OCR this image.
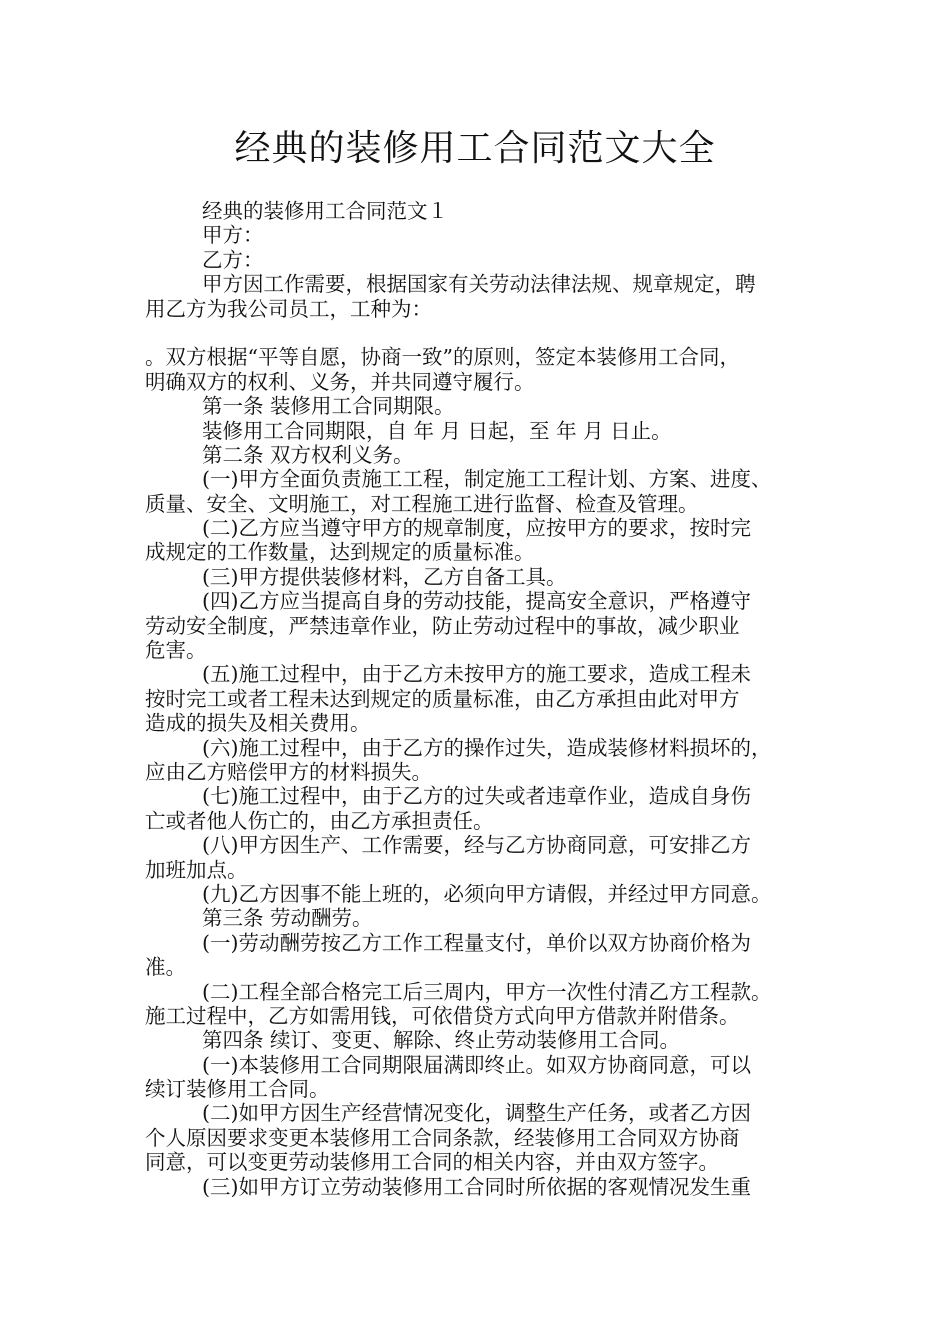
经典的装修用工合同范文大全
经典的装修用工合同范文１
甲方：
乙方：
甲方因工作需要，根据国家有关劳动法律法规、规章规定，聘
用乙方为我公司员工，工种为：
。双方根据“平等自愿，协商一致”的原则，签定本装修用工合同，
明确双方的权利、义务，并共同遵守履行。
第一条 装修用工合同期限。
装修用工合同期限，自 年 月 日起，至 年 月 日止。
第二条 双方权利义务。
(一)甲方全面负责施工工程，制定施工工程计划、方案、进度、
质量、安全、文明施工，对工程施工进行监督、检查及管理。
(二)乙方应当遵守甲方的规章制度，应按甲方的要求，按时完
成规定的工作数量，达到规定的质量标准。
(三)甲方提供装修材料，乙方自备工具。
(四)乙方应当提高自身的劳动技能，提高安全意识，严格遵守
劳动安全制度，严禁违章作业，防止劳动过程中的事故，减少职业
危害。
(五)施工过程中，由于乙方未按甲方的施工要求，造成工程未
按时完工或者工程未达到规定的质量标准，由乙方承担由此对甲方
造成的损失及相关费用。
(六)施工过程中，由于乙方的操作过失，造成装修材料损坏的，
应由乙方赔偿甲方的材料损失。
(七)施工过程中，由于乙方的过失或者违章作业，造成自身伤
亡或者他人伤亡的，由乙方承担责任。
(八)甲方因生产、工作需要，经与乙方协商同意，可安排乙方
加班加点。
(九)乙方因事不能上班的，必须向甲方请假，并经过甲方同意。
第三条 劳动酬劳。
(一)劳动酬劳按乙方工作工程量支付，单价以双方协商价格为
准。
(二)工程全部合格完工后三周内，甲方一次性付清乙方工程款。
施工过程中，乙方如需用钱，可依借贷方式向甲方借款并附借条。
第四条 续订、变更、解除、终止劳动装修用工合同。
(一)本装修用工合同期限届满即终止。如双方协商同意，可以
续订装修用工合同。
(二)如甲方因生产经营情况变化，调整生产任务，或者乙方因
个人原因要求变更本装修用工合同条款，经装修用工合同双方协商
同意，可以变更劳动装修用工合同的相关内容，并由双方签字。
(三)如甲方订立劳动装修用工合同时所依据的客观情况发生重
